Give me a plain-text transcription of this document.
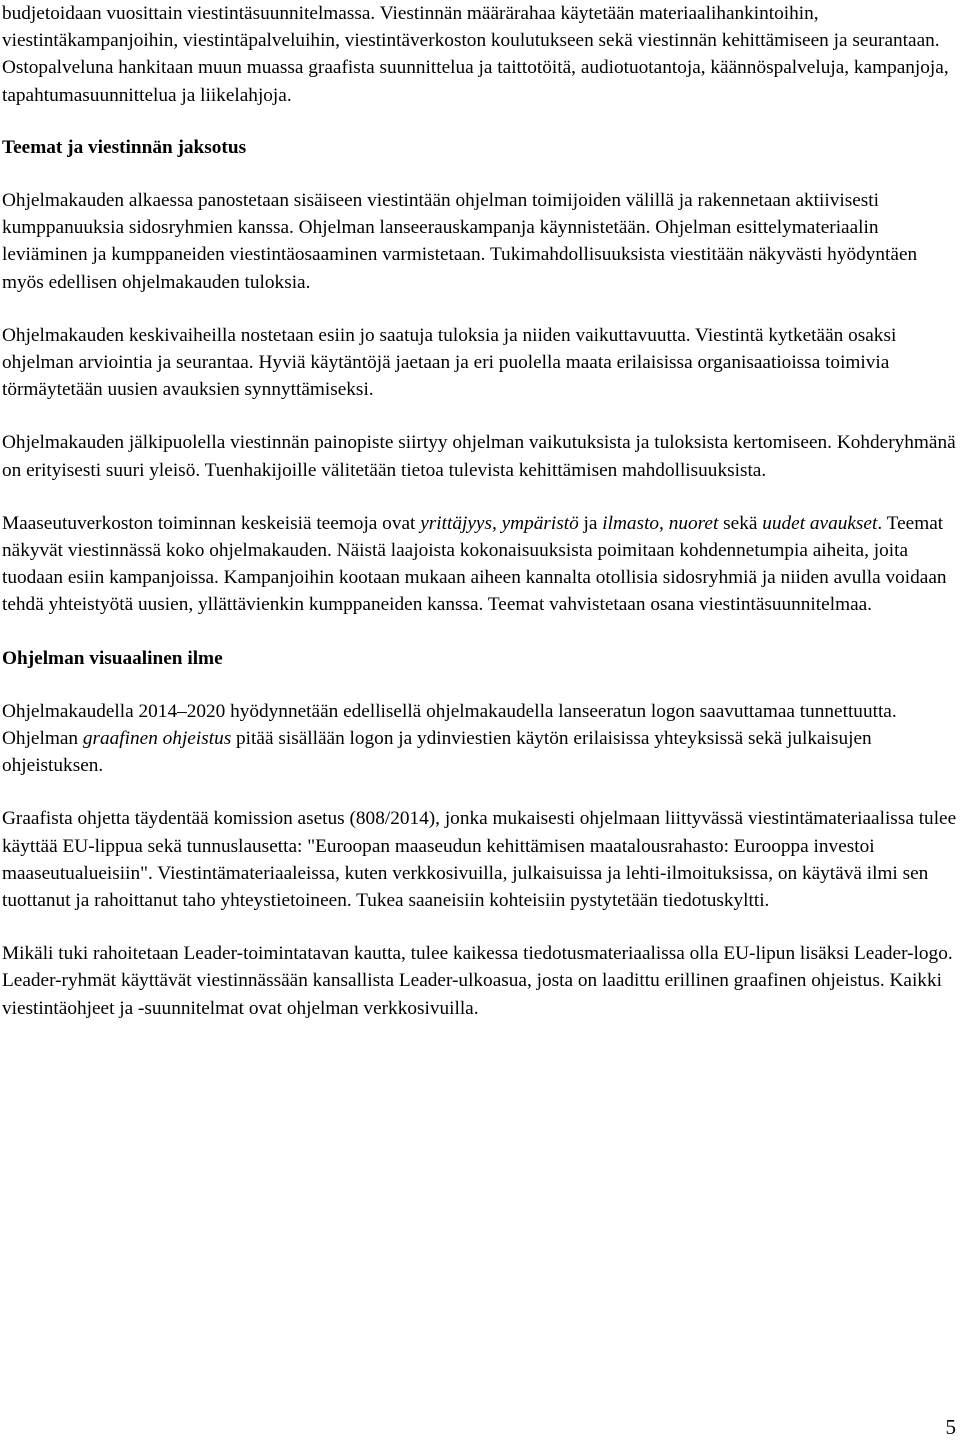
budjetoidaan vuosittain viestintäsuunnitelmassa. Viestinnän määrärahaa käytetään materiaalihankintoihin, viestintäkampanjoihin, viestintäpalveluihin, viestintäverkoston koulutukseen sekä viestinnän kehittämiseen ja seurantaan. Ostopalveluna hankitaan muun muassa graafista suunnittelua ja taittotöitä, audiotuotantoja, käännöspalveluja, kampanjoja, tapahtumasuunnittelua ja liikelahjoja.

Teemat ja viestinnän jaksotus

Ohjelmakauden alkaessa panostetaan sisäiseen viestintään ohjelman toimijoiden välillä ja rakennetaan aktiivisesti kumppanuuksia sidosryhmien kanssa. Ohjelman lanseerauskampanja käynnistetään. Ohjelman esittelymateriaalin leviäminen ja kumppaneiden viestintäosaaminen varmistetaan. Tukimahdollisuuksista viestitään näkyvästi hyödyntäen myös edellisen ohjelmakauden tuloksia.

Ohjelmakauden keskivaiheilla nostetaan esiin jo saatuja tuloksia ja niiden vaikuttavuutta. Viestintä kytketään osaksi ohjelman arviointia ja seurantaa. Hyviä käytäntöjä jaetaan ja eri puolella maata erilaisissa organisaatioissa toimivia törmäytetään uusien avauksien synnyttämiseksi.

Ohjelmakauden jälkipuolella viestinnän painopiste siirtyy ohjelman vaikutuksista ja tuloksista kertomiseen. Kohderyhmänä on erityisesti suuri yleisö. Tuenhakijoille välitetään tietoa tulevista kehittämisen mahdollisuuksista.

Maaseutuverkoston toiminnan keskeisiä teemoja ovat yrittäjyys, ympäristö ja ilmasto, nuoret sekä uudet avaukset. Teemat näkyvät viestinnässä koko ohjelmakauden. Näistä laajoista kokonaisuuksista poimitaan kohdennetumpia aiheita, joita tuodaan esiin kampanjoissa. Kampanjoihin kootaan mukaan aiheen kannalta otollisia sidosryhmiä ja niiden avulla voidaan tehdä yhteistyötä uusien, yllättävienkin kumppaneiden kanssa. Teemat vahvistetaan osana viestintäsuunnitelmaa.

Ohjelman visuaalinen ilme

Ohjelmakaudella 2014–2020 hyödynnetään edellisellä ohjelmakaudella lanseeratun logon saavuttamaa tunnettuutta. Ohjelman graafinen ohjeistus pitää sisällään logon ja ydinviestien käytön erilaisissa yhteyksissä sekä julkaisujen ohjeistuksen.

Graafista ohjetta täydentää komission asetus (808/2014), jonka mukaisesti ohjelmaan liittyvässä viestintämateriaalissa tulee käyttää EU-lippua sekä tunnuslausetta: "Euroopan maaseudun kehittämisen maatalousrahasto: Eurooppa investoi maaseutualueisiin". Viestintämateriaaleissa, kuten verkkosivuilla, julkaisuissa ja lehti-ilmoituksissa, on käytävä ilmi sen tuottanut ja rahoittanut taho yhteystietoineen. Tukea saaneisiin kohteisiin pystytetään tiedotuskyltti.

Mikäli tuki rahoitetaan Leader-toimintatavan kautta, tulee kaikessa tiedotusmateriaalissa olla EU-lipun lisäksi Leader-logo. Leader-ryhmät käyttävät viestinnässään kansallista Leader-ulkoasua, josta on laadittu erillinen graafinen ohjeistus. Kaikki viestintäohjeet ja -suunnitelmat ovat ohjelman verkkosivuilla.

5
